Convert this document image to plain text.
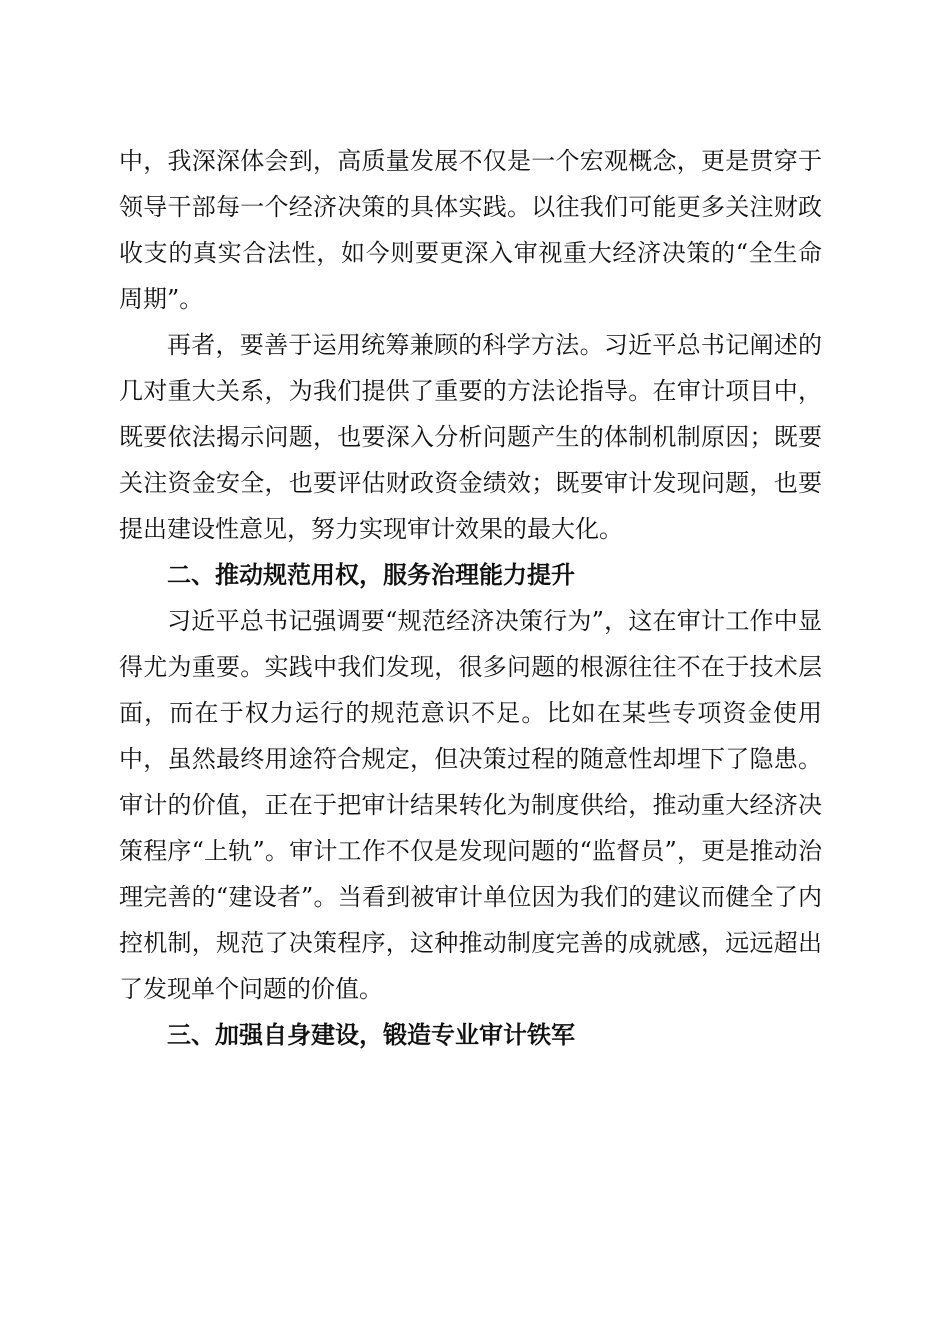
中，我深深体会到，高质量发展不仅是一个宏观概念，更是贯穿于领导干部每一个经济决策的具体实践。以往我们可能更多关注财政收支的真实合法性，如今则要更深入审视重大经济决策的“全生命周期”。

再者，要善于运用统筹兼顾的科学方法。习近平总书记阐述的几对重大关系，为我们提供了重要的方法论指导。在审计项目中，既要依法揭示问题，也要深入分析问题产生的体制机制原因；既要关注资金安全，也要评估财政资金绩效；既要审计发现问题，也要提出建设性意见，努力实现审计效果的最大化。

二、推动规范用权，服务治理能力提升

习近平总书记强调要“规范经济决策行为”，这在审计工作中显得尤为重要。实践中我们发现，很多问题的根源往往不在于技术层面，而在于权力运行的规范意识不足。比如在某些专项资金使用中，虽然最终用途符合规定，但决策过程的随意性却埋下了隐患。审计的价值，正在于把审计结果转化为制度供给，推动重大经济决策程序“上轨”。审计工作不仅是发现问题的“监督员”，更是推动治理完善的“建设者”。当看到被审计单位因为我们的建议而健全了内控机制，规范了决策程序，这种推动制度完善的成就感，远远超出了发现单个问题的价值。

三、加强自身建设，锻造专业审计铁军
